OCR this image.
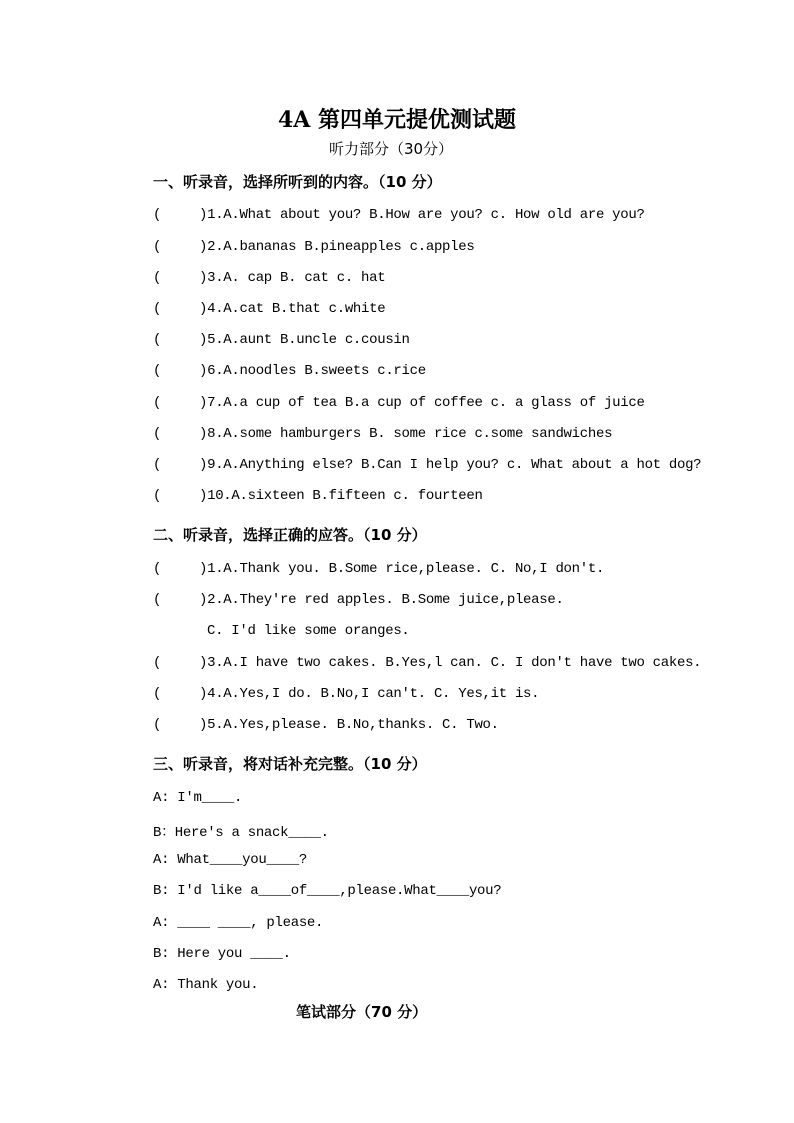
4A 第四单元提优测试题
听力部分（30分）
一、听录音，选择所听到的内容。（10 分）
(	)1.A.What about you? B.How are you? c. How old are you?
(	)2.A.bananas B.pineapples c.apples
(	)3.A. cap B. cat c. hat
(	)4.A.cat B.that c.white
(	)5.A.aunt B.uncle c.cousin
(	)6.A.noodles B.sweets c.rice
(	)7.A.a cup of tea B.a cup of coffee c. a glass of juice
(	)8.A.some hamburgers B. some rice c.some sandwiches
(	)9.A.Anything else? B.Can I help you? c. What about a hot dog?
(	)10.A.sixteen B.fifteen c. fourteen
二、听录音，选择正确的应答。（10 分）
(	)1.A.Thank you. B.Some rice,please. C. No,I don't.
(	)2.A.They're red apples. B.Some juice,please.
C. I'd like some oranges.
(	)3.A.I have two cakes. B.Yes,l can. C. I don't have two cakes.
(	)4.A.Yes,I do. B.No,I can't. C. Yes,it is.
(	)5.A.Yes,please. B.No,thanks. C. Two.
三、听录音，将对话补充完整。（10 分）
A: I'm____.
B：Here's a snack____.
A: What____you____?
B: I'd like a____of____,please.What____you?
A: ____ ____, please.
B: Here you ____.
A: Thank you.
笔试部分（70 分）
